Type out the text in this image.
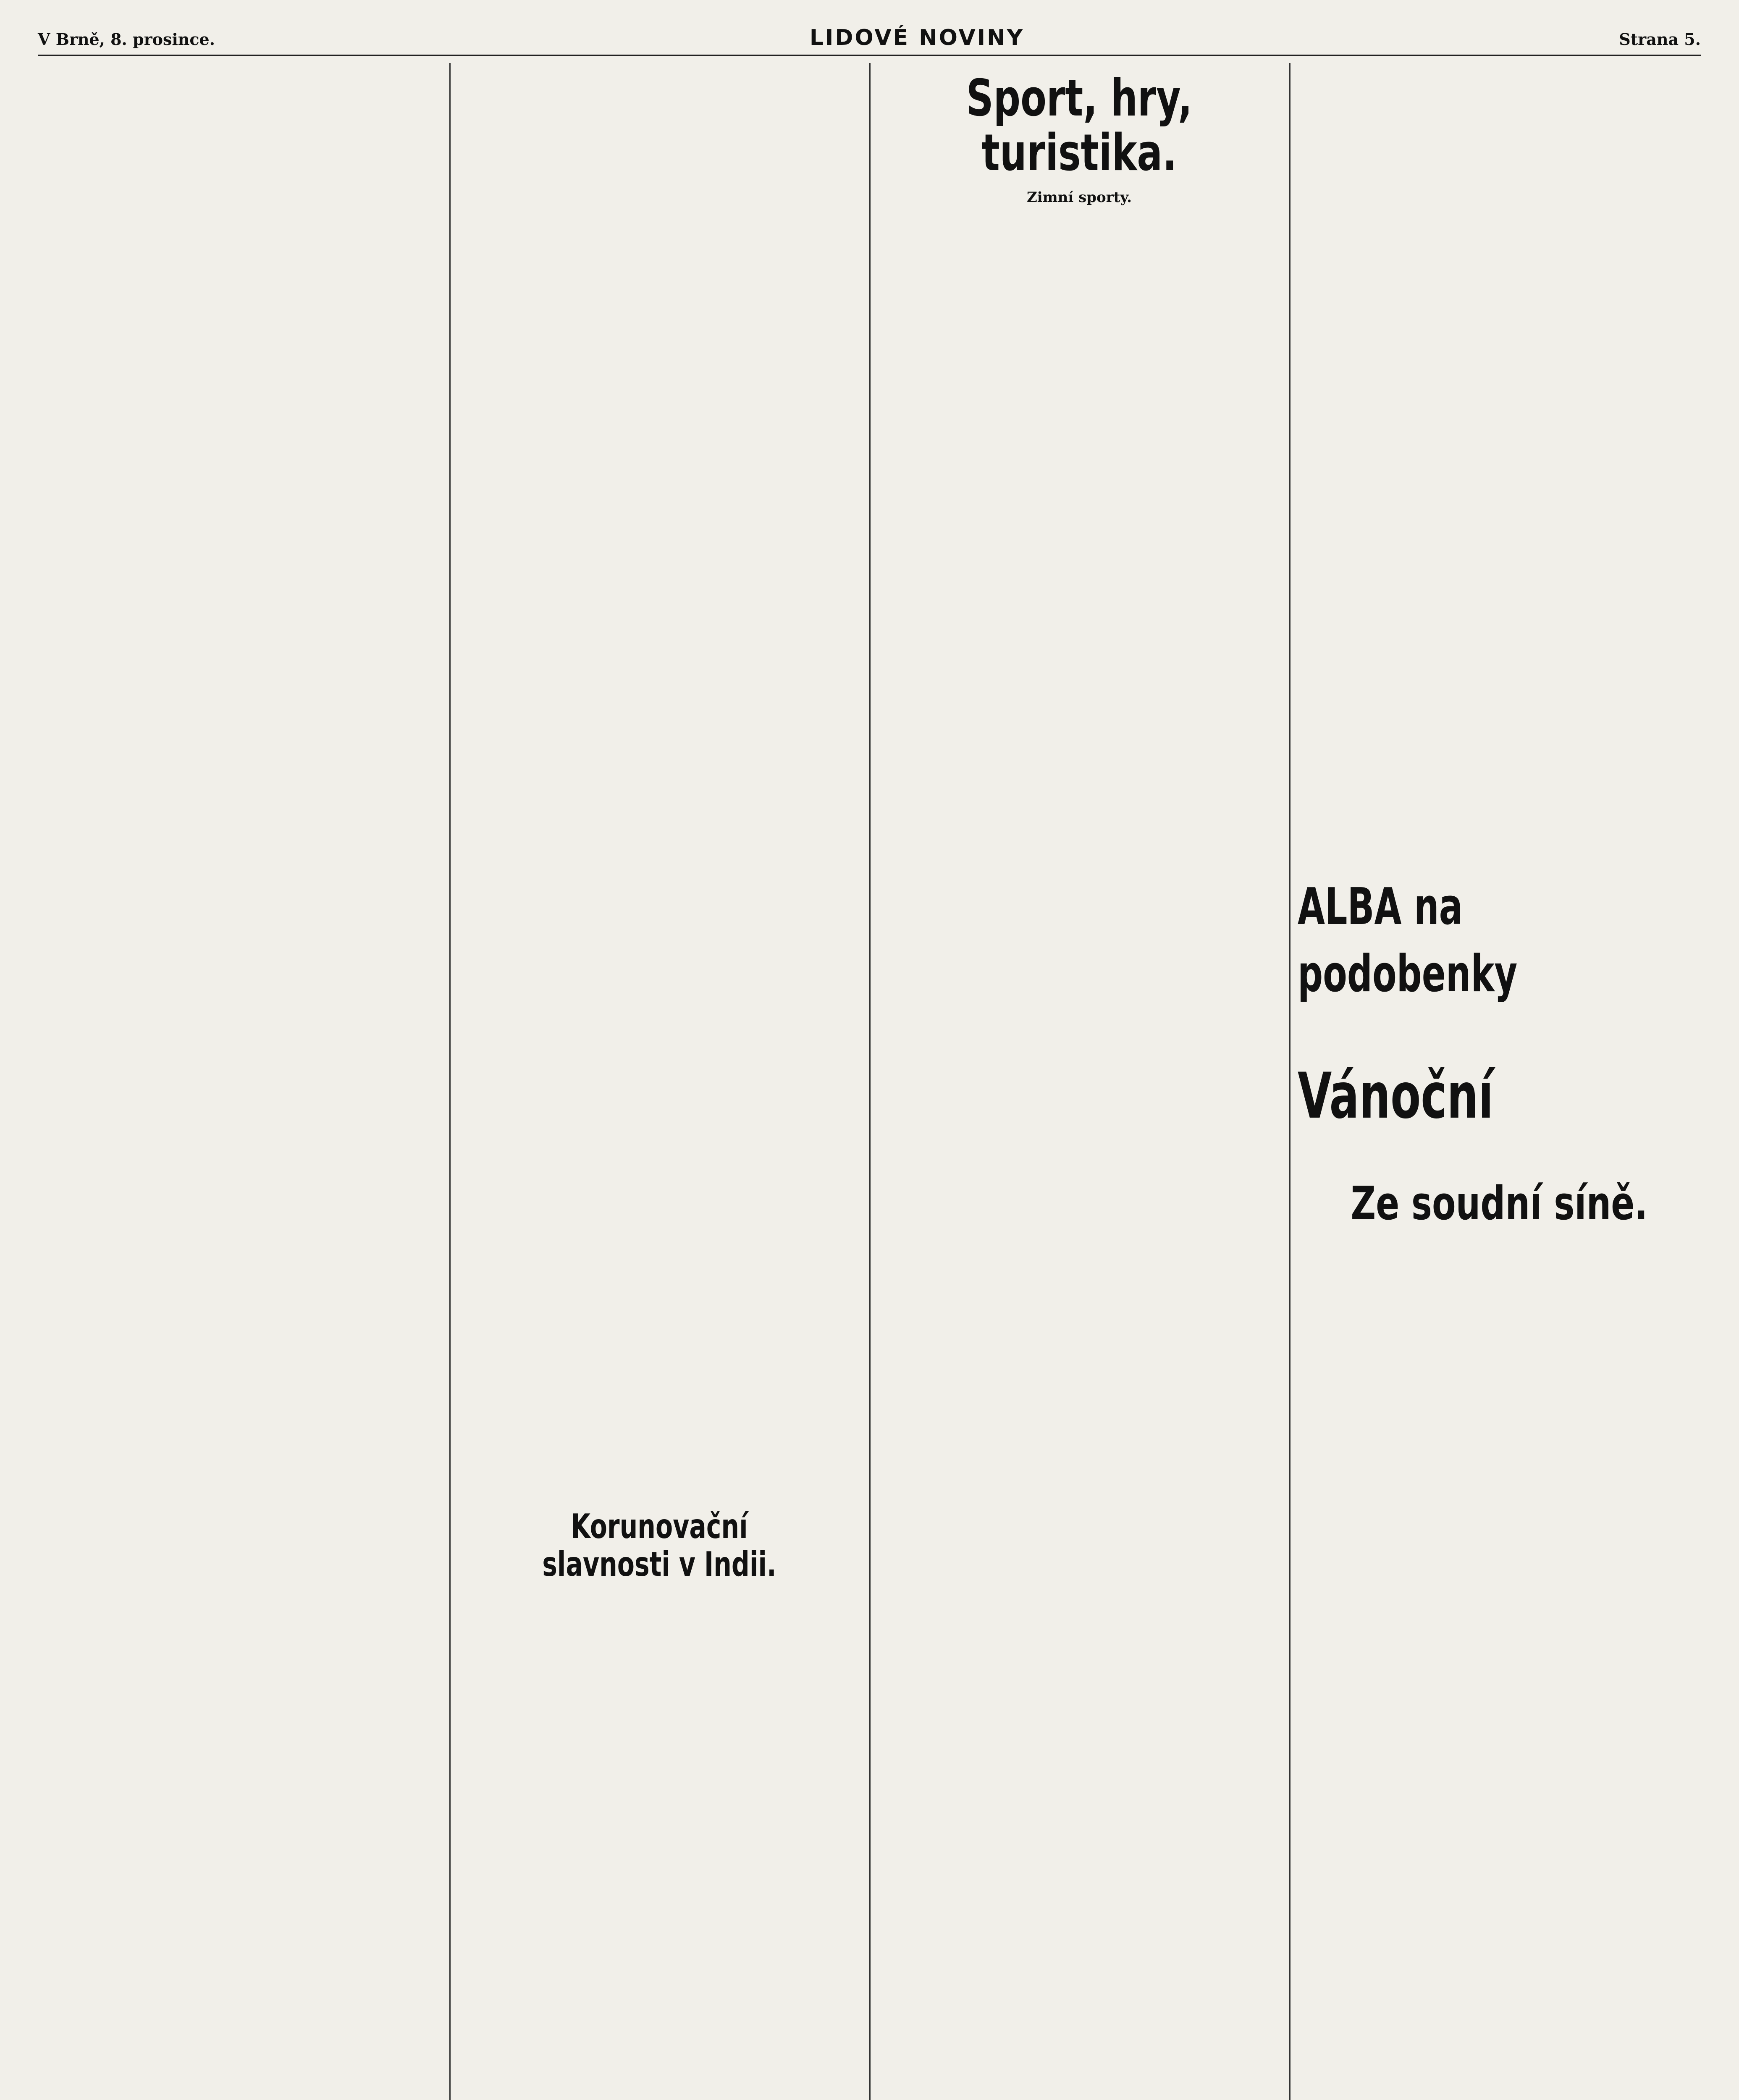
V Brně, 8. prosince.	LIDOVÉ NOVINY	Strana 5.
Korunovační slavnosti v Indii.
Sport, hry, turistika.
Zimní sporty.
ALBA na podobenky
Vánoční
Ze soudní síně.
